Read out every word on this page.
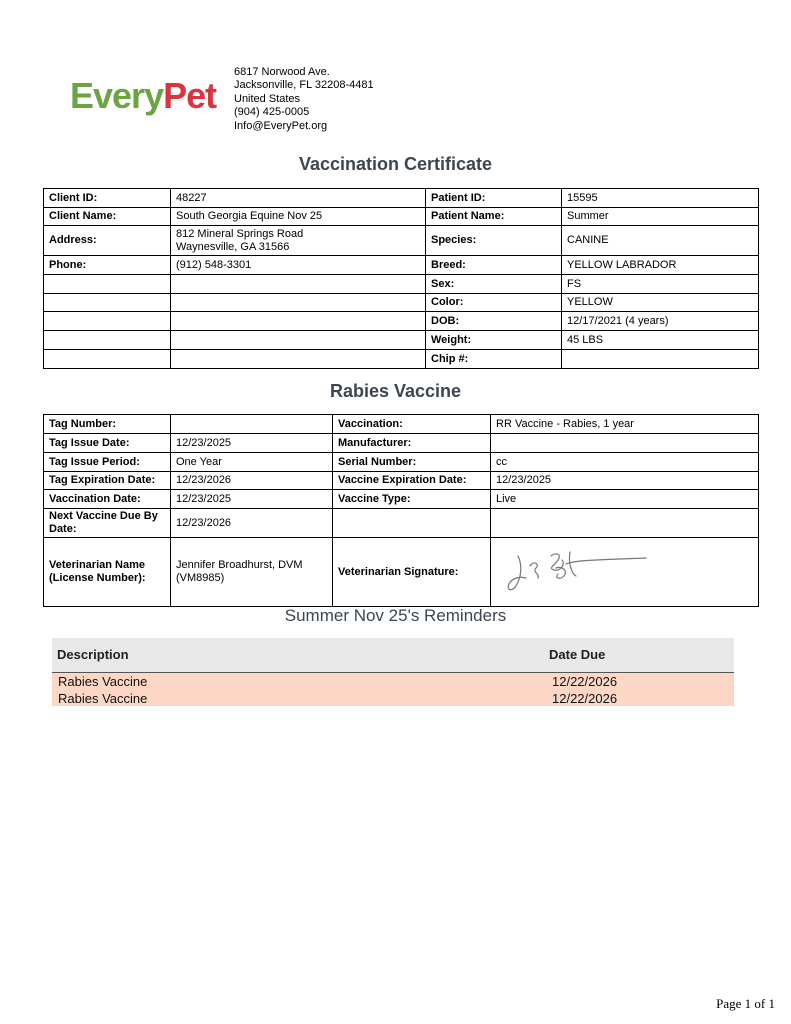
EveryPet
6817 Norwood Ave.
Jacksonville, FL 32208-4481
United States
(904) 425-0005
Info@EveryPet.org
Vaccination Certificate
Client ID:	48227	Patient ID:	15595
Client Name:	South Georgia Equine Nov 25	Patient Name:	Summer
Address:	812 Mineral Springs Road
Waynesville, GA 31566	Species:	CANINE
Phone:	(912) 548-3301	Breed:	YELLOW LABRADOR
		Sex:	FS
		Color:	YELLOW
		DOB:	12/17/2021 (4 years)
		Weight:	45 LBS
		Chip #:	
Rabies Vaccine
Tag Number:		Vaccination:	RR Vaccine - Rabies, 1 year
Tag Issue Date:	12/23/2025	Manufacturer:	
Tag Issue Period:	One Year	Serial Number:	cc
Tag Expiration Date:	12/23/2026	Vaccine Expiration Date:	12/23/2025
Vaccination Date:	12/23/2025	Vaccine Type:	Live
Next Vaccine Due By Date:	12/23/2026		
Veterinarian Name (License Number):	Jennifer Broadhurst, DVM (VM8985)	Veterinarian Signature:	
Summer Nov 25's Reminders
Description	Date Due
Rabies Vaccine	12/22/2026
Rabies Vaccine	12/22/2026
Page 1 of 1
